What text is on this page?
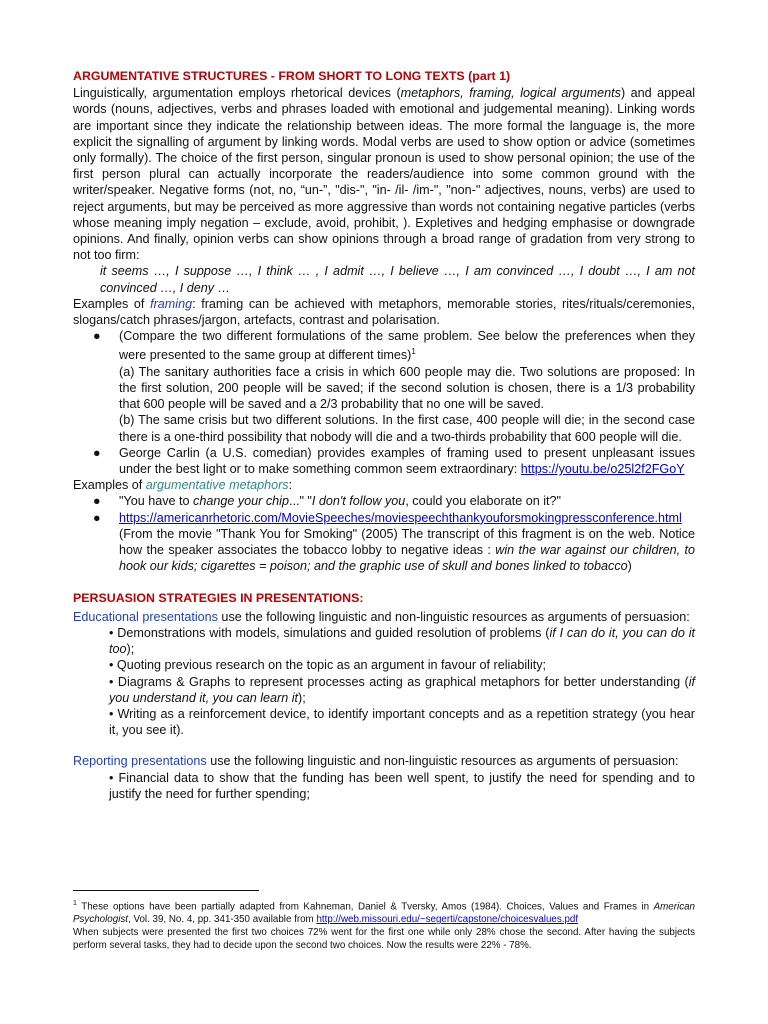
ARGUMENTATIVE STRUCTURES - FROM SHORT TO LONG TEXTS (part 1)

Linguistically, argumentation employs rhetorical devices (metaphors, framing, logical arguments) and appeal words (nouns, adjectives, verbs and phrases loaded with emotional and judgemental meaning). Linking words are important since they indicate the relationship between ideas. The more formal the language is, the more explicit the signalling of argument by linking words. Modal verbs are used to show option or advice (sometimes only formally). The choice of the first person, singular pronoun is used to show personal opinion; the use of the first person plural can actually incorporate the readers/audience into some common ground with the writer/speaker. Negative forms (not, no, “un-”, "dis-", "in- /il- /im-", "non-" adjectives, nouns, verbs) are used to reject arguments, but may be perceived as more aggressive than words not containing negative particles (verbs whose meaning imply negation – exclude, avoid, prohibit, ). Expletives and hedging emphasise or downgrade opinions. And finally, opinion verbs can show opinions through a broad range of gradation from very strong to not too firm:

it seems …, I suppose …, I think … , I admit …, I believe …, I am convinced …, I doubt …, I am not convinced …, I deny …

Examples of framing: framing can be achieved with metaphors, memorable stories, rites/rituals/ceremonies, slogans/catch phrases/jargon, artefacts, contrast and polarisation.

● (Compare the two different formulations of the same problem. See below the preferences when they were presented to the same group at different times)$^1$
(a) The sanitary authorities face a crisis in which 600 people may die. Two solutions are proposed: In the first solution, 200 people will be saved; if the second solution is chosen, there is a 1/3 probability that 600 people will be saved and a 2/3 probability that no one will be saved.
(b) The same crisis but two different solutions. In the first case, 400 people will die; in the second case there is a one-third possibility that nobody will die and a two-thirds probability that 600 people will die.
● George Carlin (a U.S. comedian) provides examples of framing used to present unpleasant issues under the best light or to make something common seem extraordinary: https://youtu.be/o25l2f2FGoY

Examples of argumentative metaphors:

● "You have to change your chip..." "I don't follow you, could you elaborate on it?"
● https://americanrhetoric.com/MovieSpeeches/moviespeechthankyouforsmokingpressconference.html (From the movie "Thank You for Smoking" (2005) The transcript of this fragment is on the web. Notice how the speaker associates the tobacco lobby to negative ideas : win the war against our children, to hook our kids; cigarettes = poison; and the graphic use of skull and bones linked to tobacco)

PERSUASION STRATEGIES IN PRESENTATIONS:

Educational presentations use the following linguistic and non-linguistic resources as arguments of persuasion:

• Demonstrations with models, simulations and guided resolution of problems (if I can do it, you can do it too);

• Quoting previous research on the topic as an argument in favour of reliability;

• Diagrams & Graphs to represent processes acting as graphical metaphors for better understanding (if you understand it, you can learn it);

• Writing as a reinforcement device, to identify important concepts and as a repetition strategy (you hear it, you see it).

Reporting presentations use the following linguistic and non-linguistic resources as arguments of persuasion:

• Financial data to show that the funding has been well spent, to justify the need for spending and to justify the need for further spending;

$^1$ These options have been partially adapted from Kahneman, Daniel & Tversky, Amos (1984). Choices, Values and Frames in American Psychologist, Vol. 39, No. 4, pp. 341-350 available from http://web.missouri.edu/~segerti/capstone/choicesvalues.pdf

When subjects were presented the first two choices 72% went for the first one while only 28% chose the second. After having the subjects perform several tasks, they had to decide upon the second two choices. Now the results were 22% - 78%.
